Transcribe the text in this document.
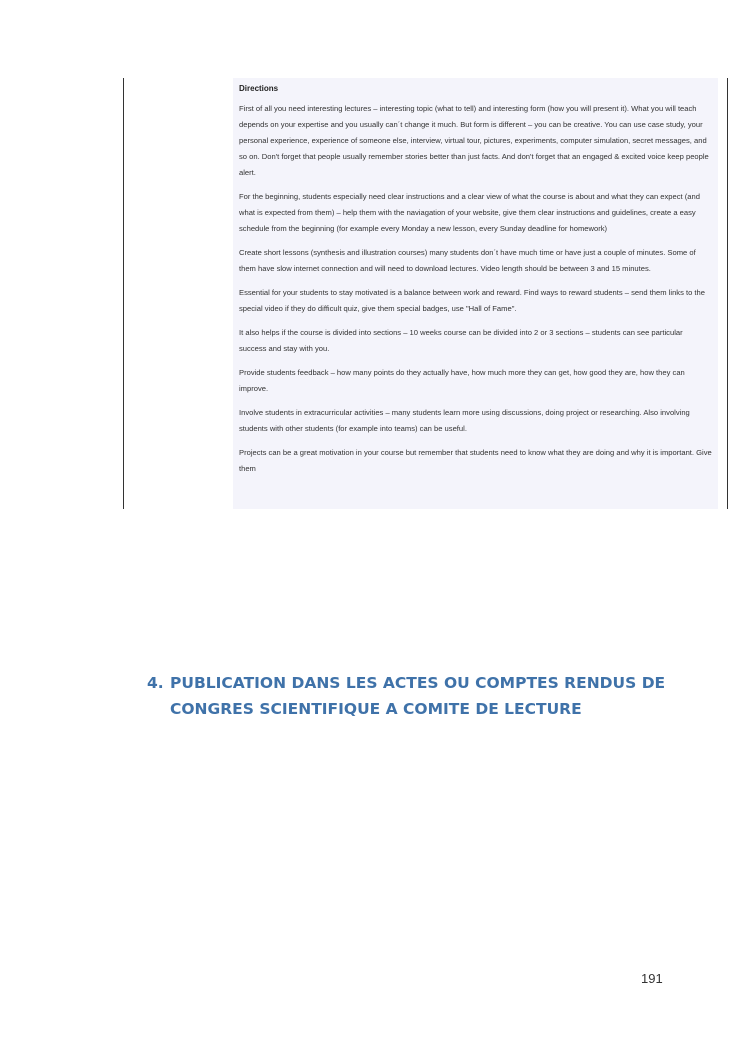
Directions

First of all you need interesting lectures – interesting topic (what to tell) and interesting form (how you will present it). What you will teach depends on your expertise and you usually can´t change it much. But form is different – you can be creative. You can use case study, your personal experience, experience of someone else, interview, virtual tour, pictures, experiments, computer simulation, secret messages, and so on. Don't forget that people usually remember stories better than just facts. And don't forget that an engaged & excited voice keep people alert.

For the beginning, students especially need clear instructions and a clear view of what the course is about and what they can expect (and what is expected from them) – help them with the naviagation of your website, give them clear instructions and guidelines, create a easy schedule from the beginning (for example every Monday a new lesson, every Sunday deadline for homework)

Create short lessons (synthesis and illustration courses) many students don´t have much time or have just a couple of minutes. Some of them have slow internet connection and will need to download lectures. Video length should be between 3 and 15 minutes.

Essential for your students to stay motivated is a balance between work and reward. Find ways to reward students – send them links to the special video if they do difficult quiz, give them special badges, use "Hall of Fame".

It also helps if the course is divided into sections – 10 weeks course can be divided into 2 or 3 sections – students can see particular success and stay with you.

Provide students feedback – how many points do they actually have, how much more they can get, how good they are, how they can improve.

Involve students in extracurricular activities – many students learn more using discussions, doing project or researching. Also involving students with other students (for example into teams) can be useful.

Projects can be a great motivation in your course but remember that students need to know what they are doing and why it is important. Give them

4. PUBLICATION DANS LES ACTES OU COMPTES RENDUS DE
CONGRES SCIENTIFIQUE A COMITE DE LECTURE
191
